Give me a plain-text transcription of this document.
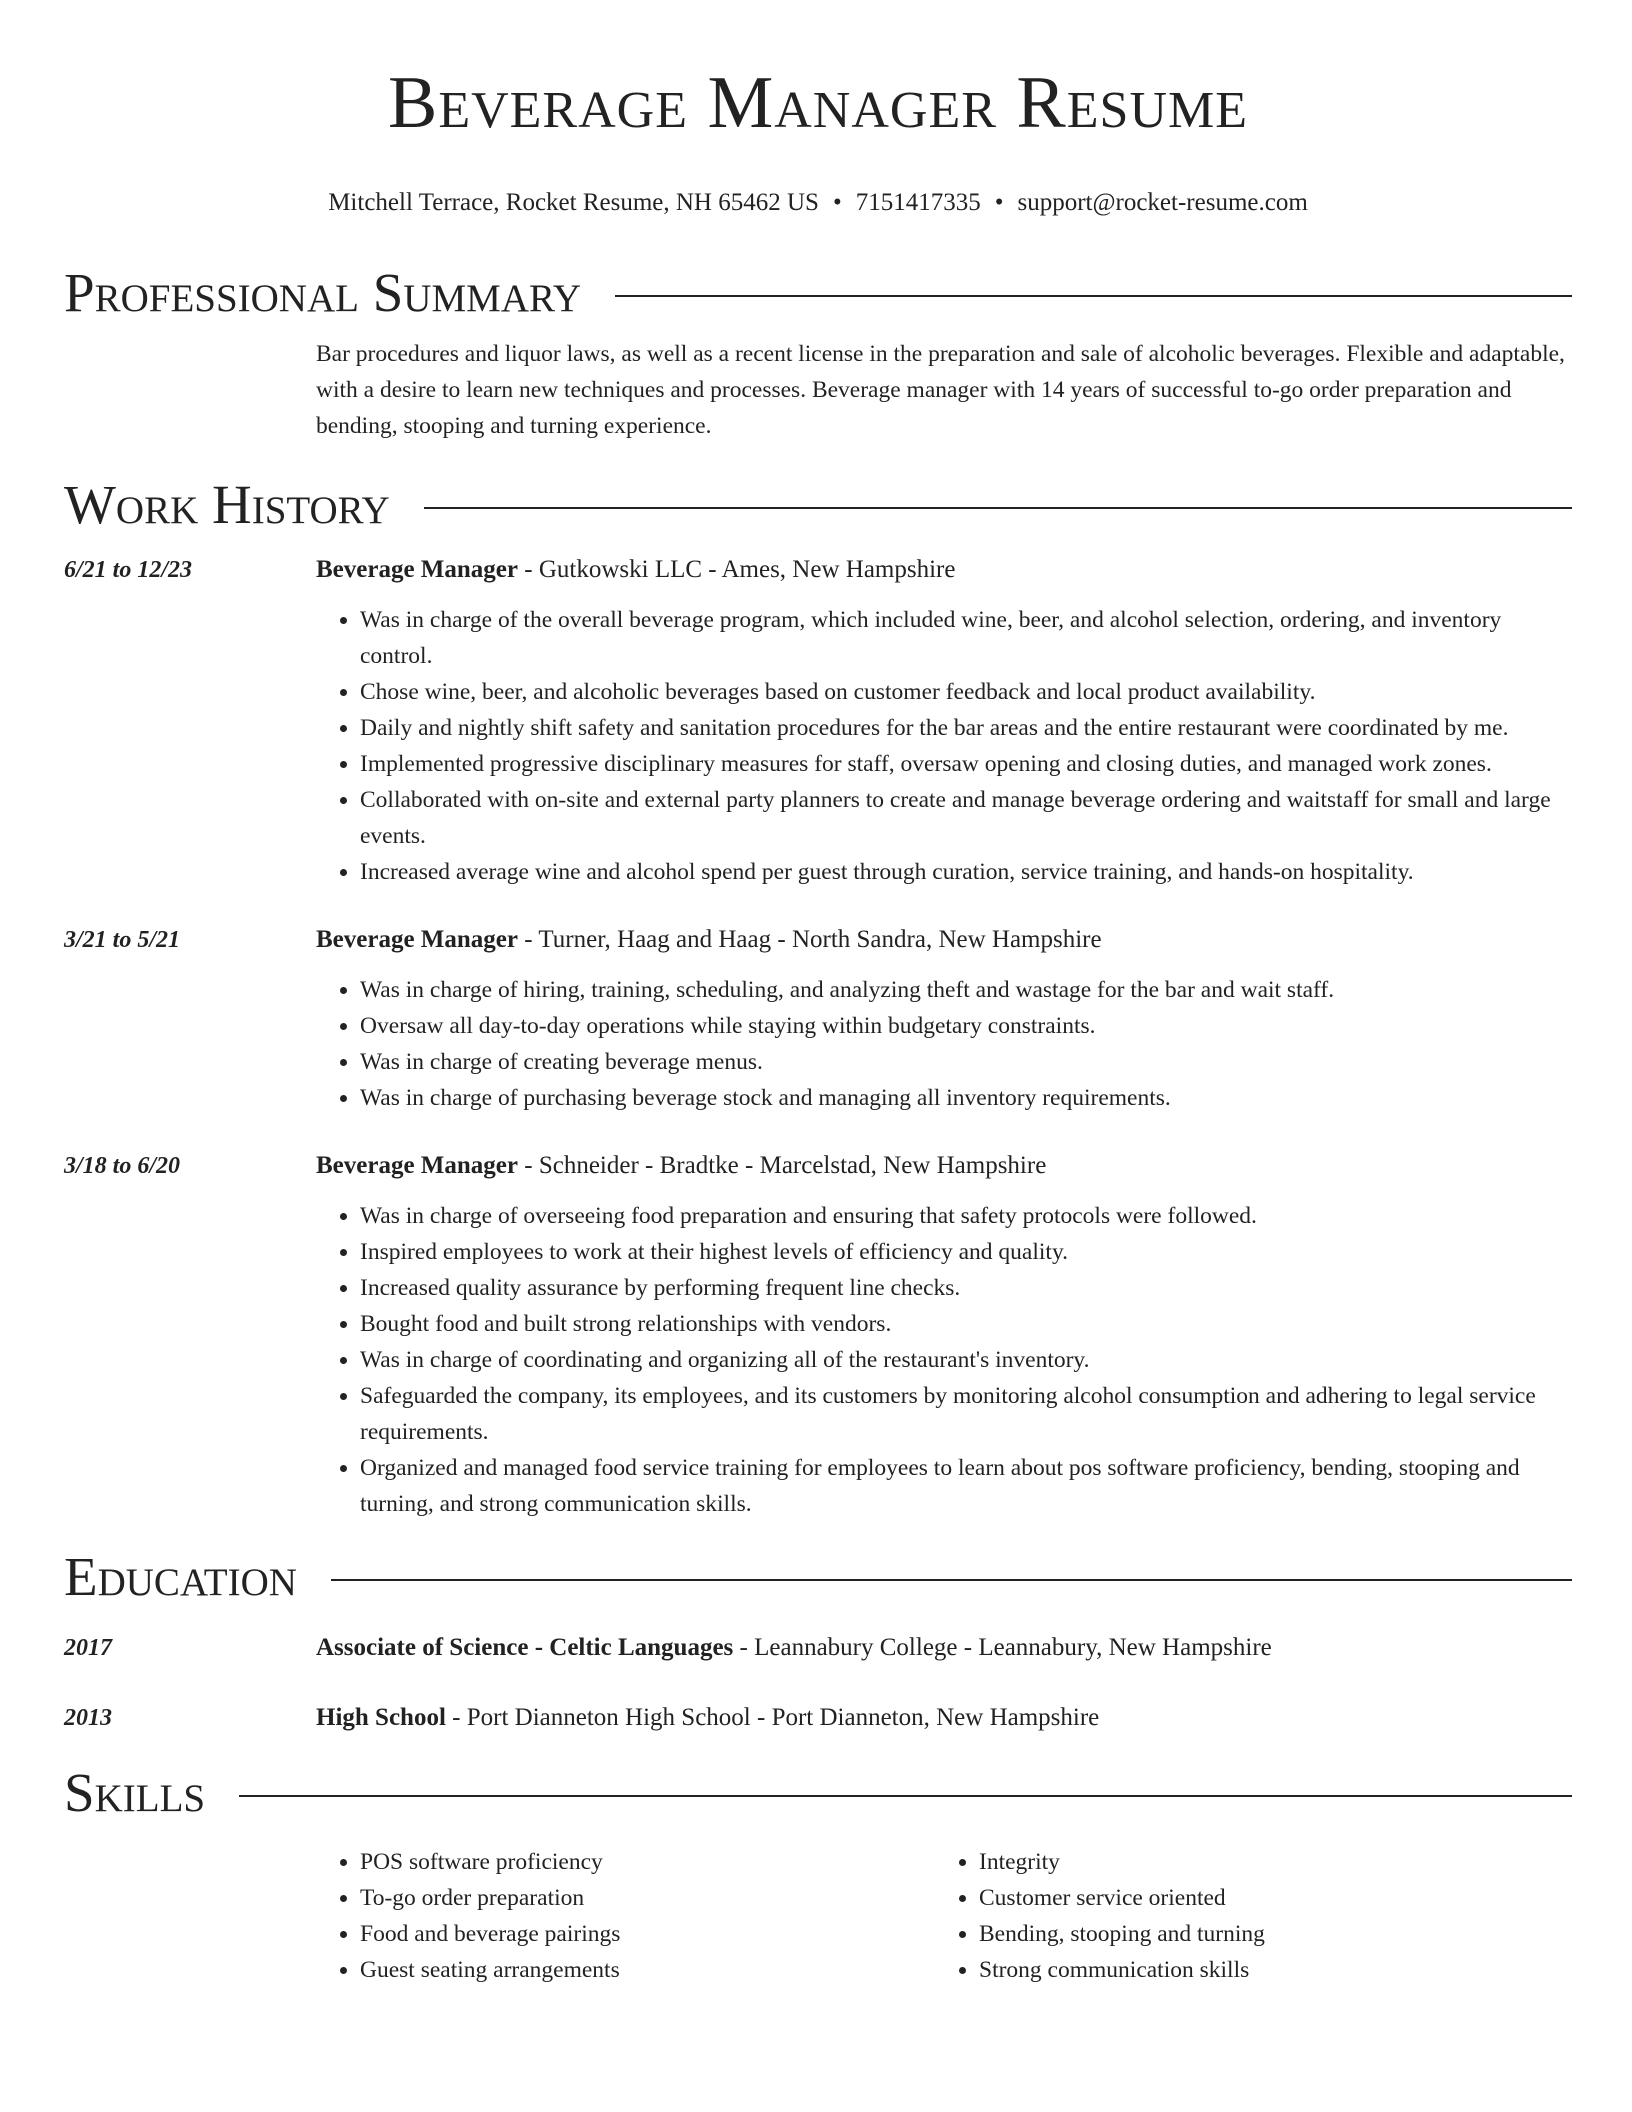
Beverage Manager Resume
Mitchell Terrace, Rocket Resume, NH 65462 US • 7151417335 • support@rocket-resume.com
Professional Summary
Bar procedures and liquor laws, as well as a recent license in the preparation and sale of alcoholic beverages. Flexible and adaptable, with a desire to learn new techniques and processes. Beverage manager with 14 years of successful to-go order preparation and bending, stooping and turning experience.
Work History
6/21 to 12/23	Beverage Manager - Gutkowski LLC - Ames, New Hampshire
• Was in charge of the overall beverage program, which included wine, beer, and alcohol selection, ordering, and inventory control.
• Chose wine, beer, and alcoholic beverages based on customer feedback and local product availability.
• Daily and nightly shift safety and sanitation procedures for the bar areas and the entire restaurant were coordinated by me.
• Implemented progressive disciplinary measures for staff, oversaw opening and closing duties, and managed work zones.
• Collaborated with on-site and external party planners to create and manage beverage ordering and waitstaff for small and large events.
• Increased average wine and alcohol spend per guest through curation, service training, and hands-on hospitality.
3/21 to 5/21	Beverage Manager - Turner, Haag and Haag - North Sandra, New Hampshire
• Was in charge of hiring, training, scheduling, and analyzing theft and wastage for the bar and wait staff.
• Oversaw all day-to-day operations while staying within budgetary constraints.
• Was in charge of creating beverage menus.
• Was in charge of purchasing beverage stock and managing all inventory requirements.
3/18 to 6/20	Beverage Manager - Schneider - Bradtke - Marcelstad, New Hampshire
• Was in charge of overseeing food preparation and ensuring that safety protocols were followed.
• Inspired employees to work at their highest levels of efficiency and quality.
• Increased quality assurance by performing frequent line checks.
• Bought food and built strong relationships with vendors.
• Was in charge of coordinating and organizing all of the restaurant's inventory.
• Safeguarded the company, its employees, and its customers by monitoring alcohol consumption and adhering to legal service requirements.
• Organized and managed food service training for employees to learn about pos software proficiency, bending, stooping and turning, and strong communication skills.
Education
2017	Associate of Science - Celtic Languages - Leannabury College - Leannabury, New Hampshire
2013	High School - Port Dianneton High School - Port Dianneton, New Hampshire
Skills
• POS software proficiency
• To-go order preparation
• Food and beverage pairings
• Guest seating arrangements
• Integrity
• Customer service oriented
• Bending, stooping and turning
• Strong communication skills
